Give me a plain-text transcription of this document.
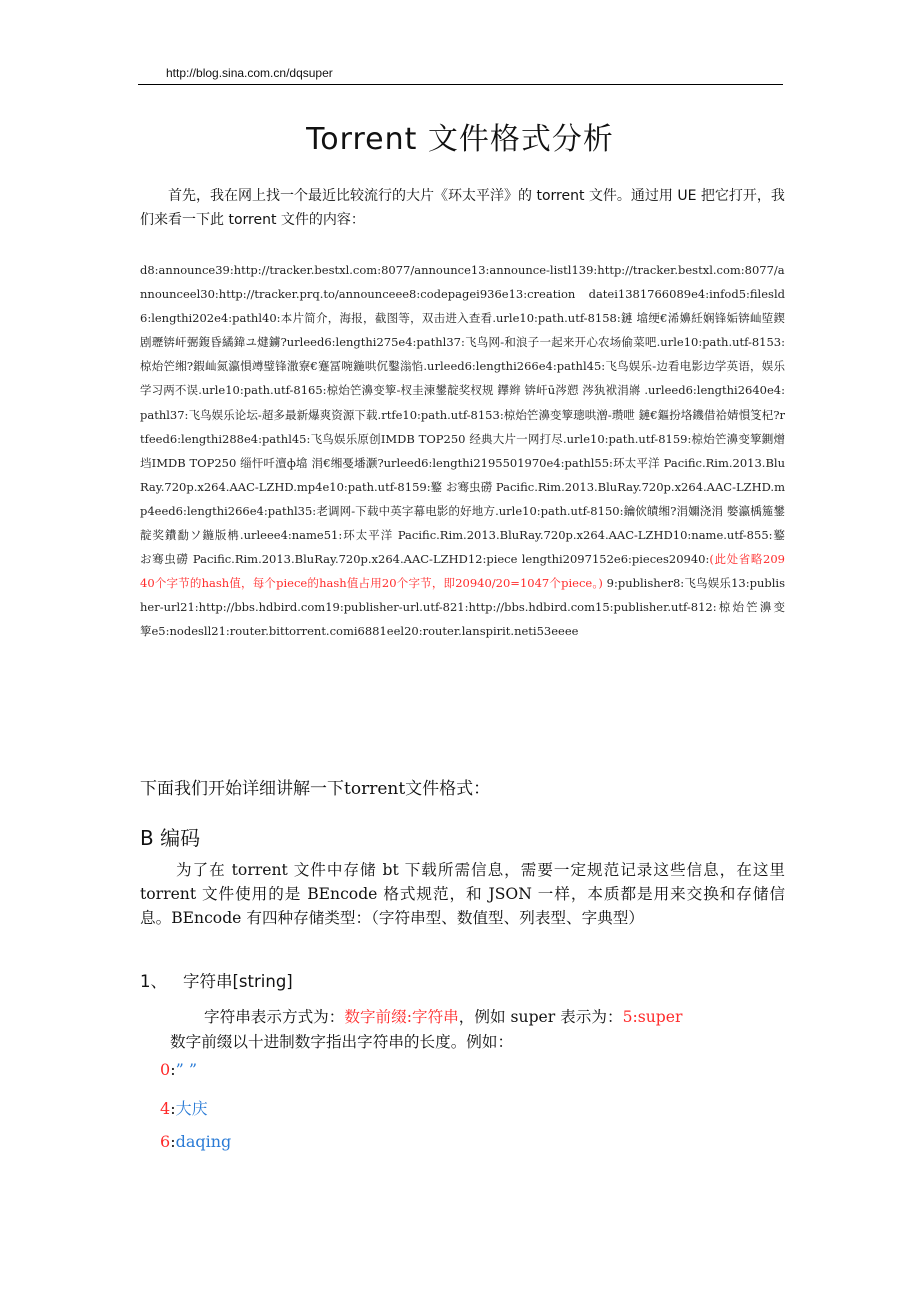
http://blog.sina.com.cn/dqsuper
Torrent 文件格式分析
首先，我在网上找一个最近比较流行的大片《环太平洋》的 torrent 文件。通过用 UE 把它打开，我们来看一下此 torrent 文件的内容：
d8:announce39:http://tracker.bestxl.com:8077/announce13:announce-listl139:http://tracker.bestxl.com:8077/announceel30:http://tracker.prq.to/announceee8:codepagei936e13:creation datei1381766089e4:infod5:filesld6:lengthi202e4:pathl40:本片简介，海报，截图等，双击进入查看.urle10:path.utf-8158:鏈 墖绠€浠嬶紝娴锋姤锛屾埅鍥剧瓑锛屽弻鍑昏繘鍏ユ煡鐪?urleed6:lengthi275e4:pathl37:飞鸟网-和浪子一起来开心农场偷菜吧.urle10:path.utf-8153:椋炲笀缃?鍜屾氮瀛愪竴璧锋潵寮€蹇冨啘鍦哄伔鑿滃惂.urleed6:lengthi266e4:pathl45:飞鸟娱乐-边看电影边学英语，娱乐学习两不误.urle10:path.utf-8165:椋炲笀濞变箰-杈圭湅鐢靛奖杈规 鑻辫 锛屽ū涔愬 涔犱袱涓嶈 .urleed6:lengthi2640e4:pathl37:飞鸟娱乐论坛-超多最新爆爽资源下载.rtfe10:path.utf-8153:椋炲笀濞变箰璁哄潧-瓒呭 鏈€鏂扮垎鐖借祫婧愪笅杞?rtfeed6:lengthi288e4:pathl45:飞鸟娱乐原创IMDB TOP250 经典大片一网打尽.urle10:path.utf-8159:椋炲笀濞变箰鍘熷垱IMDB TOP250 缁忓吀澶ф墖 涓€缃戞墦灏?urleed6:lengthi2195501970e4:pathl55:环太平洋 Pacific.Rim.2013.BluRay.720p.x264.AAC-LZHD.mp4e10:path.utf-8159:鐜 お骞虫磱 Pacific.Rim.2013.BluRay.720p.x264.AAC-LZHD.mp4eed6:lengthi266e4:pathl35:老调网-下载中英字幕电影的好地方.urle10:path.utf-8150:鑰佽皟缃?涓嬭浇涓 嫳瀛楀箷鐢靛奖鐨勫ソ鍦版柟.urleee4:name51:环太平洋 Pacific.Rim.2013.BluRay.720p.x264.AAC-LZHD10:name.utf-855:鐜 お骞虫磱 Pacific.Rim.2013.BluRay.720p.x264.AAC-LZHD12:piece lengthi2097152e6:pieces20940:(此处省略20940个字节的hash值，每个piece的hash值占用20个字节，即20940/20=1047个piece。) 9:publisher8:飞鸟娱乐13:publisher-url21:http://bbs.hdbird.com19:publisher-url.utf-821:http://bbs.hdbird.com15:publisher.utf-812:椋炲笀濞变箰e5:nodesll21:router.bittorrent.comi6881eel20:router.lanspirit.neti53eeee
下面我们开始详细讲解一下torrent文件格式：
B 编码
为了在 torrent 文件中存储 bt 下载所需信息，需要一定规范记录这些信息，在这里 torrent 文件使用的是 BEncode 格式规范，和 JSON 一样，本质都是用来交换和存储信息。BEncode 有四种存储类型：（字符串型、数值型、列表型、字典型）
1、 字符串[string]
字符串表示方式为：数字前缀:字符串，例如 super 表示为：5:super
数字前缀以十进制数字指出字符串的长度。例如：
0:” ”
4:大庆
6:daqing
